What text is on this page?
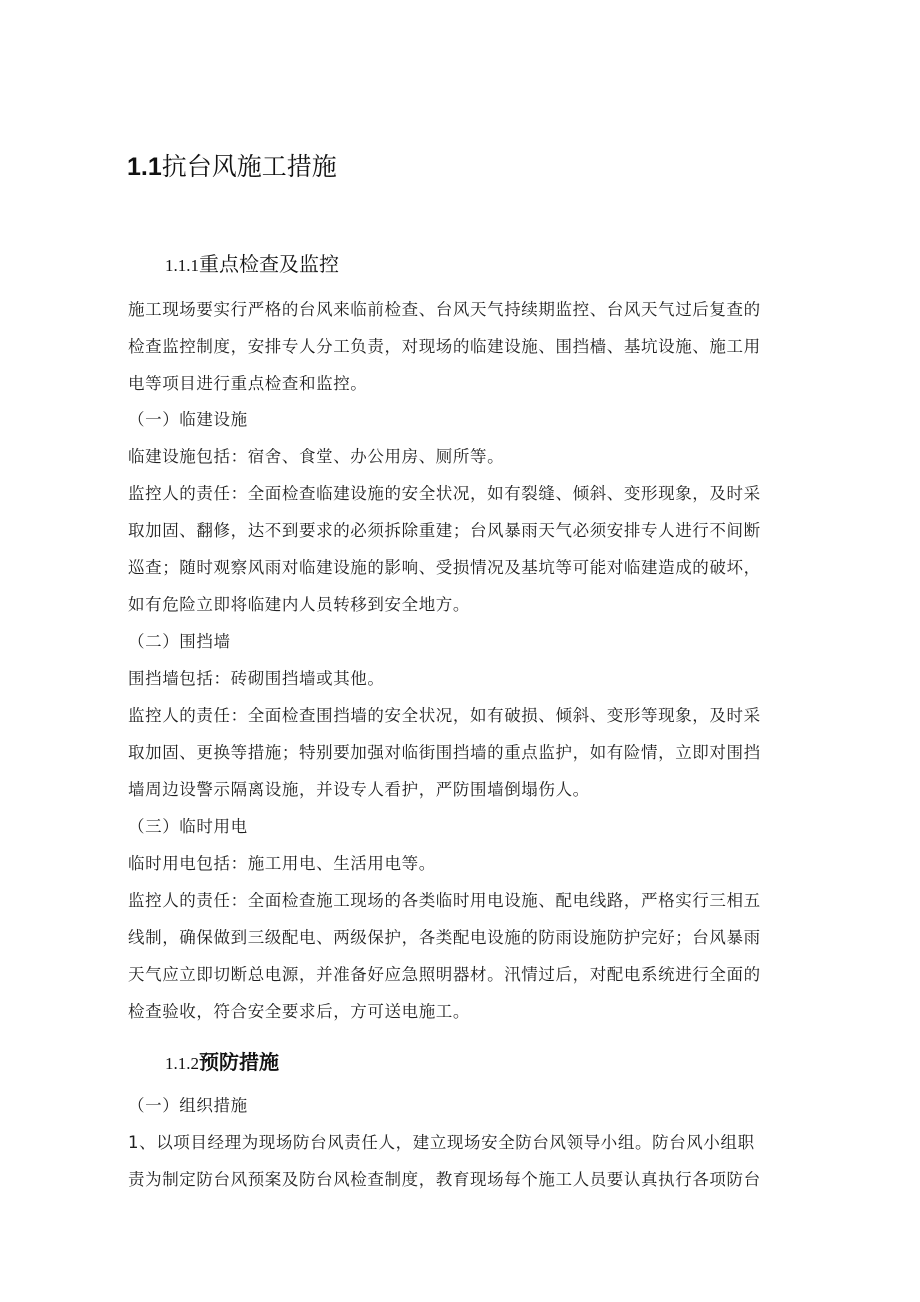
1.1抗台风施工措施
1.1.1重点检查及监控
施工现场要实行严格的台风来临前检查、台风天气持续期监控、台风天气过后复查的
检查监控制度，安排专人分工负责，对现场的临建设施、围挡樯、基坑设施、施工用
电等项目进行重点检查和监控。
（一）临建设施
临建设施包括：宿舍、食堂、办公用房、厕所等。
监控人的责任：全面检查临建设施的安全状况，如有裂缝、倾斜、变形现象，及时采
取加固、翻修，达不到要求的必须拆除重建；台风暴雨天气必须安排专人进行不间断
巡查；随时观察风雨对临建设施的影响、受损情况及基坑等可能对临建造成的破坏，
如有危险立即将临建内人员转移到安全地方。
（二）围挡墙
围挡墙包括：砖砌围挡墙或其他。
监控人的责任：全面检查围挡墙的安全状况，如有破损、倾斜、变形等现象，及时采
取加固、更换等措施；特别要加强对临街围挡墙的重点监护，如有险情，立即对围挡
墙周边设警示隔离设施，并设专人看护，严防围墙倒塌伤人。
（三）临时用电
临时用电包括：施工用电、生活用电等。
监控人的责任：全面检查施工现场的各类临时用电设施、配电线路，严格实行三相五
线制，确保做到三级配电、两级保护，各类配电设施的防雨设施防护完好；台风暴雨
天气应立即切断总电源，并准备好应急照明器材。汛情过后，对配电系统进行全面的
检查验收，符合安全要求后，方可送电施工。
1.1.2预防措施
（一）组织措施
1、以项目经理为现场防台风责任人，建立现场安全防台风领导小组。防台风小组职
责为制定防台风预案及防台风检查制度，教育现场每个施工人员要认真执行各项防台
